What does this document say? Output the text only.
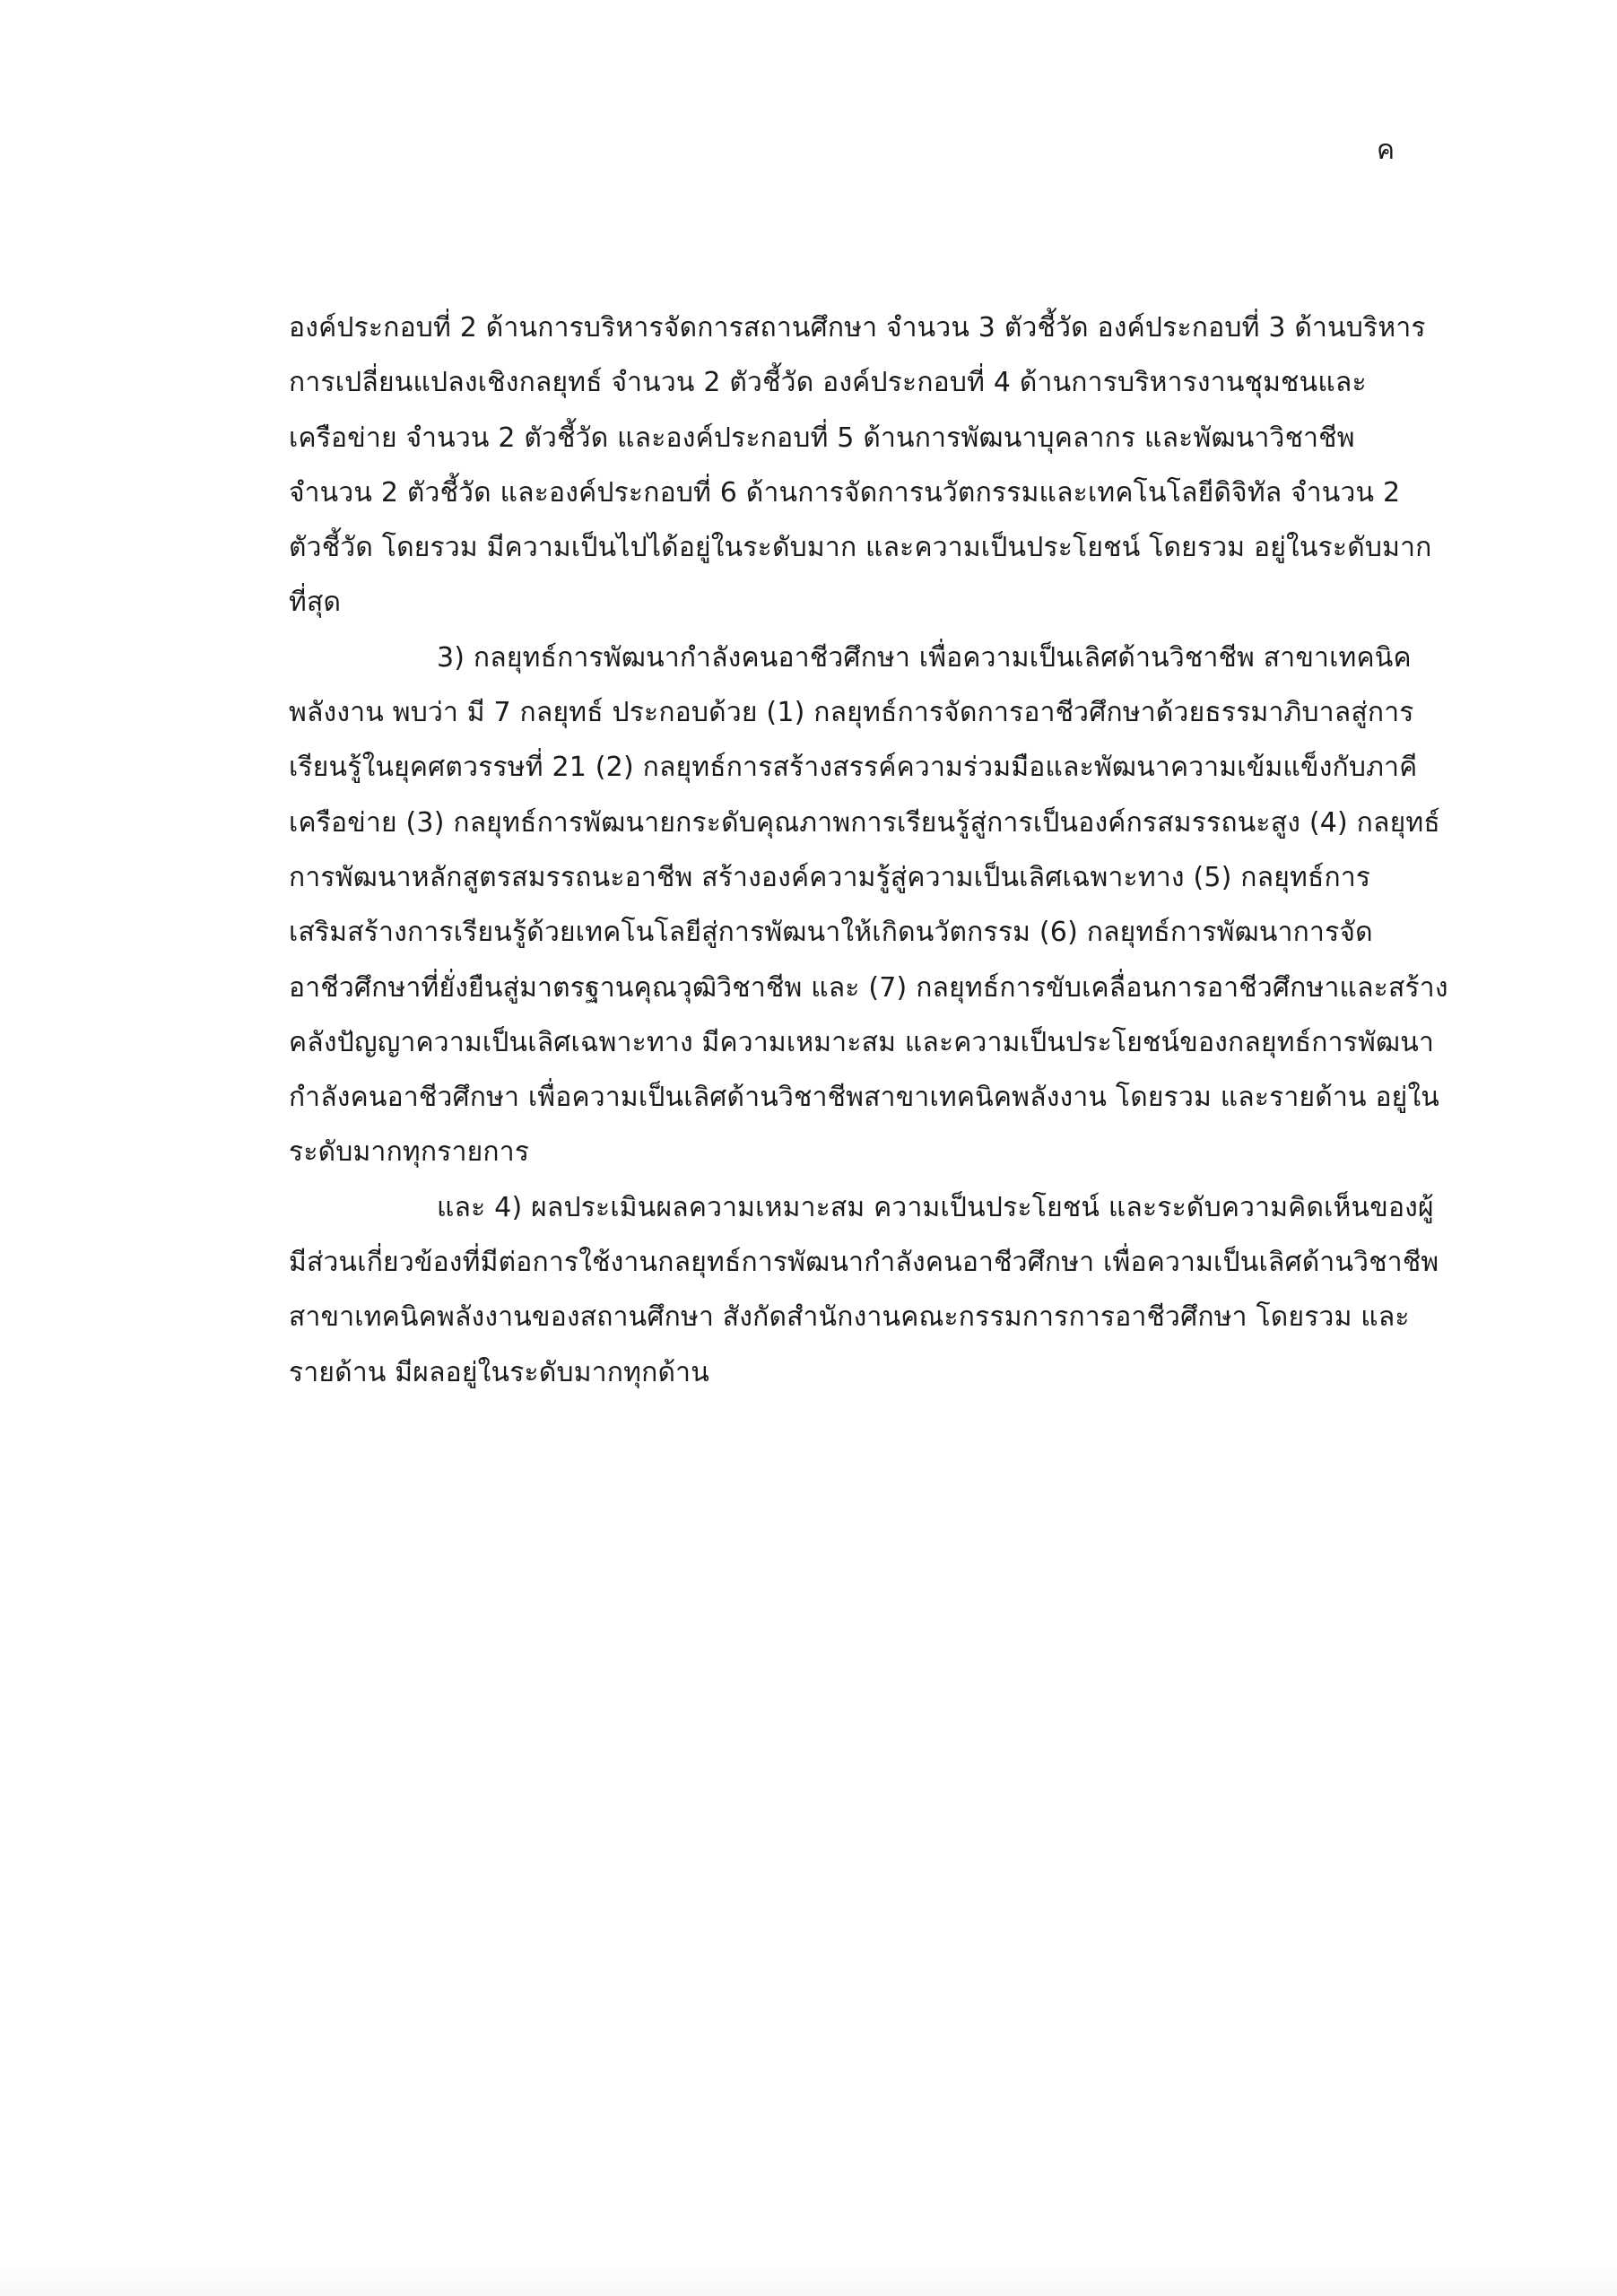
ค
องค์ประกอบที่ 2 ด้านการบริหารจัดการสถานศึกษา จำนวน 3 ตัวชี้วัด องค์ประกอบที่ 3 ด้านบริหาร
การเปลี่ยนแปลงเชิงกลยุทธ์ จำนวน 2 ตัวชี้วัด องค์ประกอบที่ 4 ด้านการบริหารงานชุมชนและ
เครือข่าย จำนวน 2 ตัวชี้วัด และองค์ประกอบที่ 5 ด้านการพัฒนาบุคลากร และพัฒนาวิชาชีพ
จำนวน 2 ตัวชี้วัด และองค์ประกอบที่ 6 ด้านการจัดการนวัตกรรมและเทคโนโลยีดิจิทัล จำนวน 2
ตัวชี้วัด โดยรวม มีความเป็นไปได้อยู่ในระดับมาก และความเป็นประโยชน์ โดยรวม อยู่ในระดับมาก
ที่สุด
3) กลยุทธ์การพัฒนากำลังคนอาชีวศึกษา เพื่อความเป็นเลิศด้านวิชาชีพ สาขาเทคนิค
พลังงาน พบว่า มี 7 กลยุทธ์ ประกอบด้วย (1) กลยุทธ์การจัดการอาชีวศึกษาด้วยธรรมาภิบาลสู่การ
เรียนรู้ในยุคศตวรรษที่ 21 (2) กลยุทธ์การสร้างสรรค์ความร่วมมือและพัฒนาความเข้มแข็งกับภาคี
เครือข่าย (3) กลยุทธ์การพัฒนายกระดับคุณภาพการเรียนรู้สู่การเป็นองค์กรสมรรถนะสูง (4) กลยุทธ์
การพัฒนาหลักสูตรสมรรถนะอาชีพ สร้างองค์ความรู้สู่ความเป็นเลิศเฉพาะทาง (5) กลยุทธ์การ
เสริมสร้างการเรียนรู้ด้วยเทคโนโลยีสู่การพัฒนาให้เกิดนวัตกรรม (6) กลยุทธ์การพัฒนาการจัด
อาชีวศึกษาที่ยั่งยืนสู่มาตรฐานคุณวุฒิวิชาชีพ และ (7) กลยุทธ์การขับเคลื่อนการอาชีวศึกษาและสร้าง
คลังปัญญาความเป็นเลิศเฉพาะทาง มีความเหมาะสม และความเป็นประโยชน์ของกลยุทธ์การพัฒนา
กำลังคนอาชีวศึกษา เพื่อความเป็นเลิศด้านวิชาชีพสาขาเทคนิคพลังงาน โดยรวม และรายด้าน อยู่ใน
ระดับมากทุกรายการ
และ 4) ผลประเมินผลความเหมาะสม ความเป็นประโยชน์ และระดับความคิดเห็นของผู้
มีส่วนเกี่ยวข้องที่มีต่อการใช้งานกลยุทธ์การพัฒนากำลังคนอาชีวศึกษา เพื่อความเป็นเลิศด้านวิชาชีพ
สาขาเทคนิคพลังงานของสถานศึกษา สังกัดสำนักงานคณะกรรมการการอาชีวศึกษา โดยรวม และ
รายด้าน มีผลอยู่ในระดับมากทุกด้าน
